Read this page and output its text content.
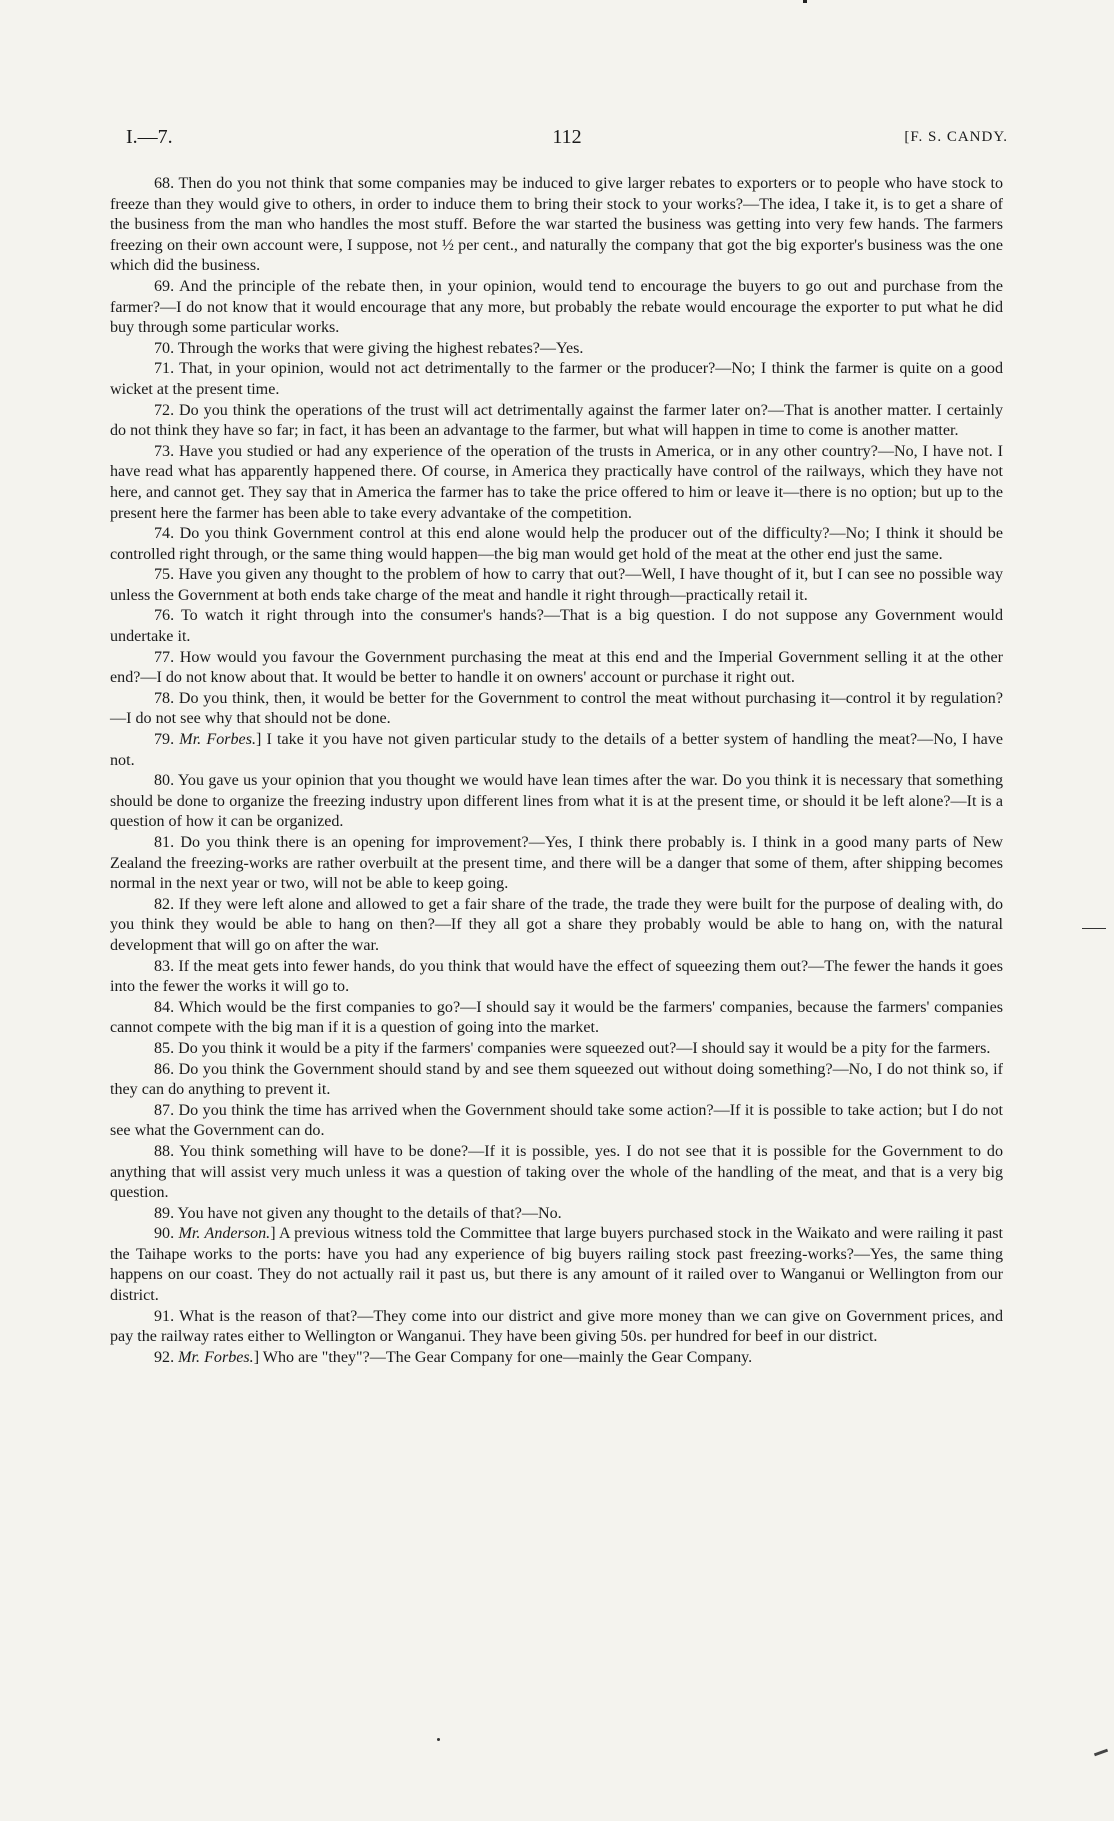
I.—7.	112	[F. S. CANDY.

68. Then do you not think that some companies may be induced to give larger rebates to exporters or to people who have stock to freeze than they would give to others, in order to induce them to bring their stock to your works?—The idea, I take it, is to get a share of the business from the man who handles the most stuff. Before the war started the business was getting into very few hands. The farmers freezing on their own account were, I suppose, not ½ per cent., and naturally the company that got the big exporter's business was the one which did the business.

69. And the principle of the rebate then, in your opinion, would tend to encourage the buyers to go out and purchase from the farmer?—I do not know that it would encourage that any more, but probably the rebate would encourage the exporter to put what he did buy through some particular works.

70. Through the works that were giving the highest rebates?—Yes.

71. That, in your opinion, would not act detrimentally to the farmer or the producer?—No; I think the farmer is quite on a good wicket at the present time.

72. Do you think the operations of the trust will act detrimentally against the farmer later on?—That is another matter. I certainly do not think they have so far; in fact, it has been an advantage to the farmer, but what will happen in time to come is another matter.

73. Have you studied or had any experience of the operation of the trusts in America, or in any other country?—No, I have not. I have read what has apparently happened there. Of course, in America they practically have control of the railways, which they have not here, and cannot get. They say that in America the farmer has to take the price offered to him or leave it—there is no option; but up to the present here the farmer has been able to take every advantake of the competition.

74. Do you think Government control at this end alone would help the producer out of the difficulty?—No; I think it should be controlled right through, or the same thing would happen—the big man would get hold of the meat at the other end just the same.

75. Have you given any thought to the problem of how to carry that out?—Well, I have thought of it, but I can see no possible way unless the Government at both ends take charge of the meat and handle it right through—practically retail it.

76. To watch it right through into the consumer's hands?—That is a big question. I do not suppose any Government would undertake it.

77. How would you favour the Government purchasing the meat at this end and the Imperial Government selling it at the other end?—I do not know about that. It would be better to handle it on owners' account or purchase it right out.

78. Do you think, then, it would be better for the Government to control the meat without purchasing it—control it by regulation?—I do not see why that should not be done.

79. Mr. Forbes.] I take it you have not given particular study to the details of a better system of handling the meat?—No, I have not.

80. You gave us your opinion that you thought we would have lean times after the war. Do you think it is necessary that something should be done to organize the freezing industry upon different lines from what it is at the present time, or should it be left alone?—It is a question of how it can be organized.

81. Do you think there is an opening for improvement?—Yes, I think there probably is. I think in a good many parts of New Zealand the freezing-works are rather overbuilt at the present time, and there will be a danger that some of them, after shipping becomes normal in the next year or two, will not be able to keep going.

82. If they were left alone and allowed to get a fair share of the trade, the trade they were built for the purpose of dealing with, do you think they would be able to hang on then?—If they all got a share they probably would be able to hang on, with the natural development that will go on after the war.

83. If the meat gets into fewer hands, do you think that would have the effect of squeezing them out?—The fewer the hands it goes into the fewer the works it will go to.

84. Which would be the first companies to go?—I should say it would be the farmers' companies, because the farmers' companies cannot compete with the big man if it is a question of going into the market.

85. Do you think it would be a pity if the farmers' companies were squeezed out?—I should say it would be a pity for the farmers.

86. Do you think the Government should stand by and see them squeezed out without doing something?—No, I do not think so, if they can do anything to prevent it.

87. Do you think the time has arrived when the Government should take some action?—If it is possible to take action; but I do not see what the Government can do.

88. You think something will have to be done?—If it is possible, yes. I do not see that it is possible for the Government to do anything that will assist very much unless it was a question of taking over the whole of the handling of the meat, and that is a very big question.

89. You have not given any thought to the details of that?—No.

90. Mr. Anderson.] A previous witness told the Committee that large buyers purchased stock in the Waikato and were railing it past the Taihape works to the ports: have you had any experience of big buyers railing stock past freezing-works?—Yes, the same thing happens on our coast. They do not actually rail it past us, but there is any amount of it railed over to Wanganui or Wellington from our district.

91. What is the reason of that?—They come into our district and give more money than we can give on Government prices, and pay the railway rates either to Wellington or Wanganui. They have been giving 50s. per hundred for beef in our district.

92. Mr. Forbes.] Who are "they"?—The Gear Company for one—mainly the Gear Company.
